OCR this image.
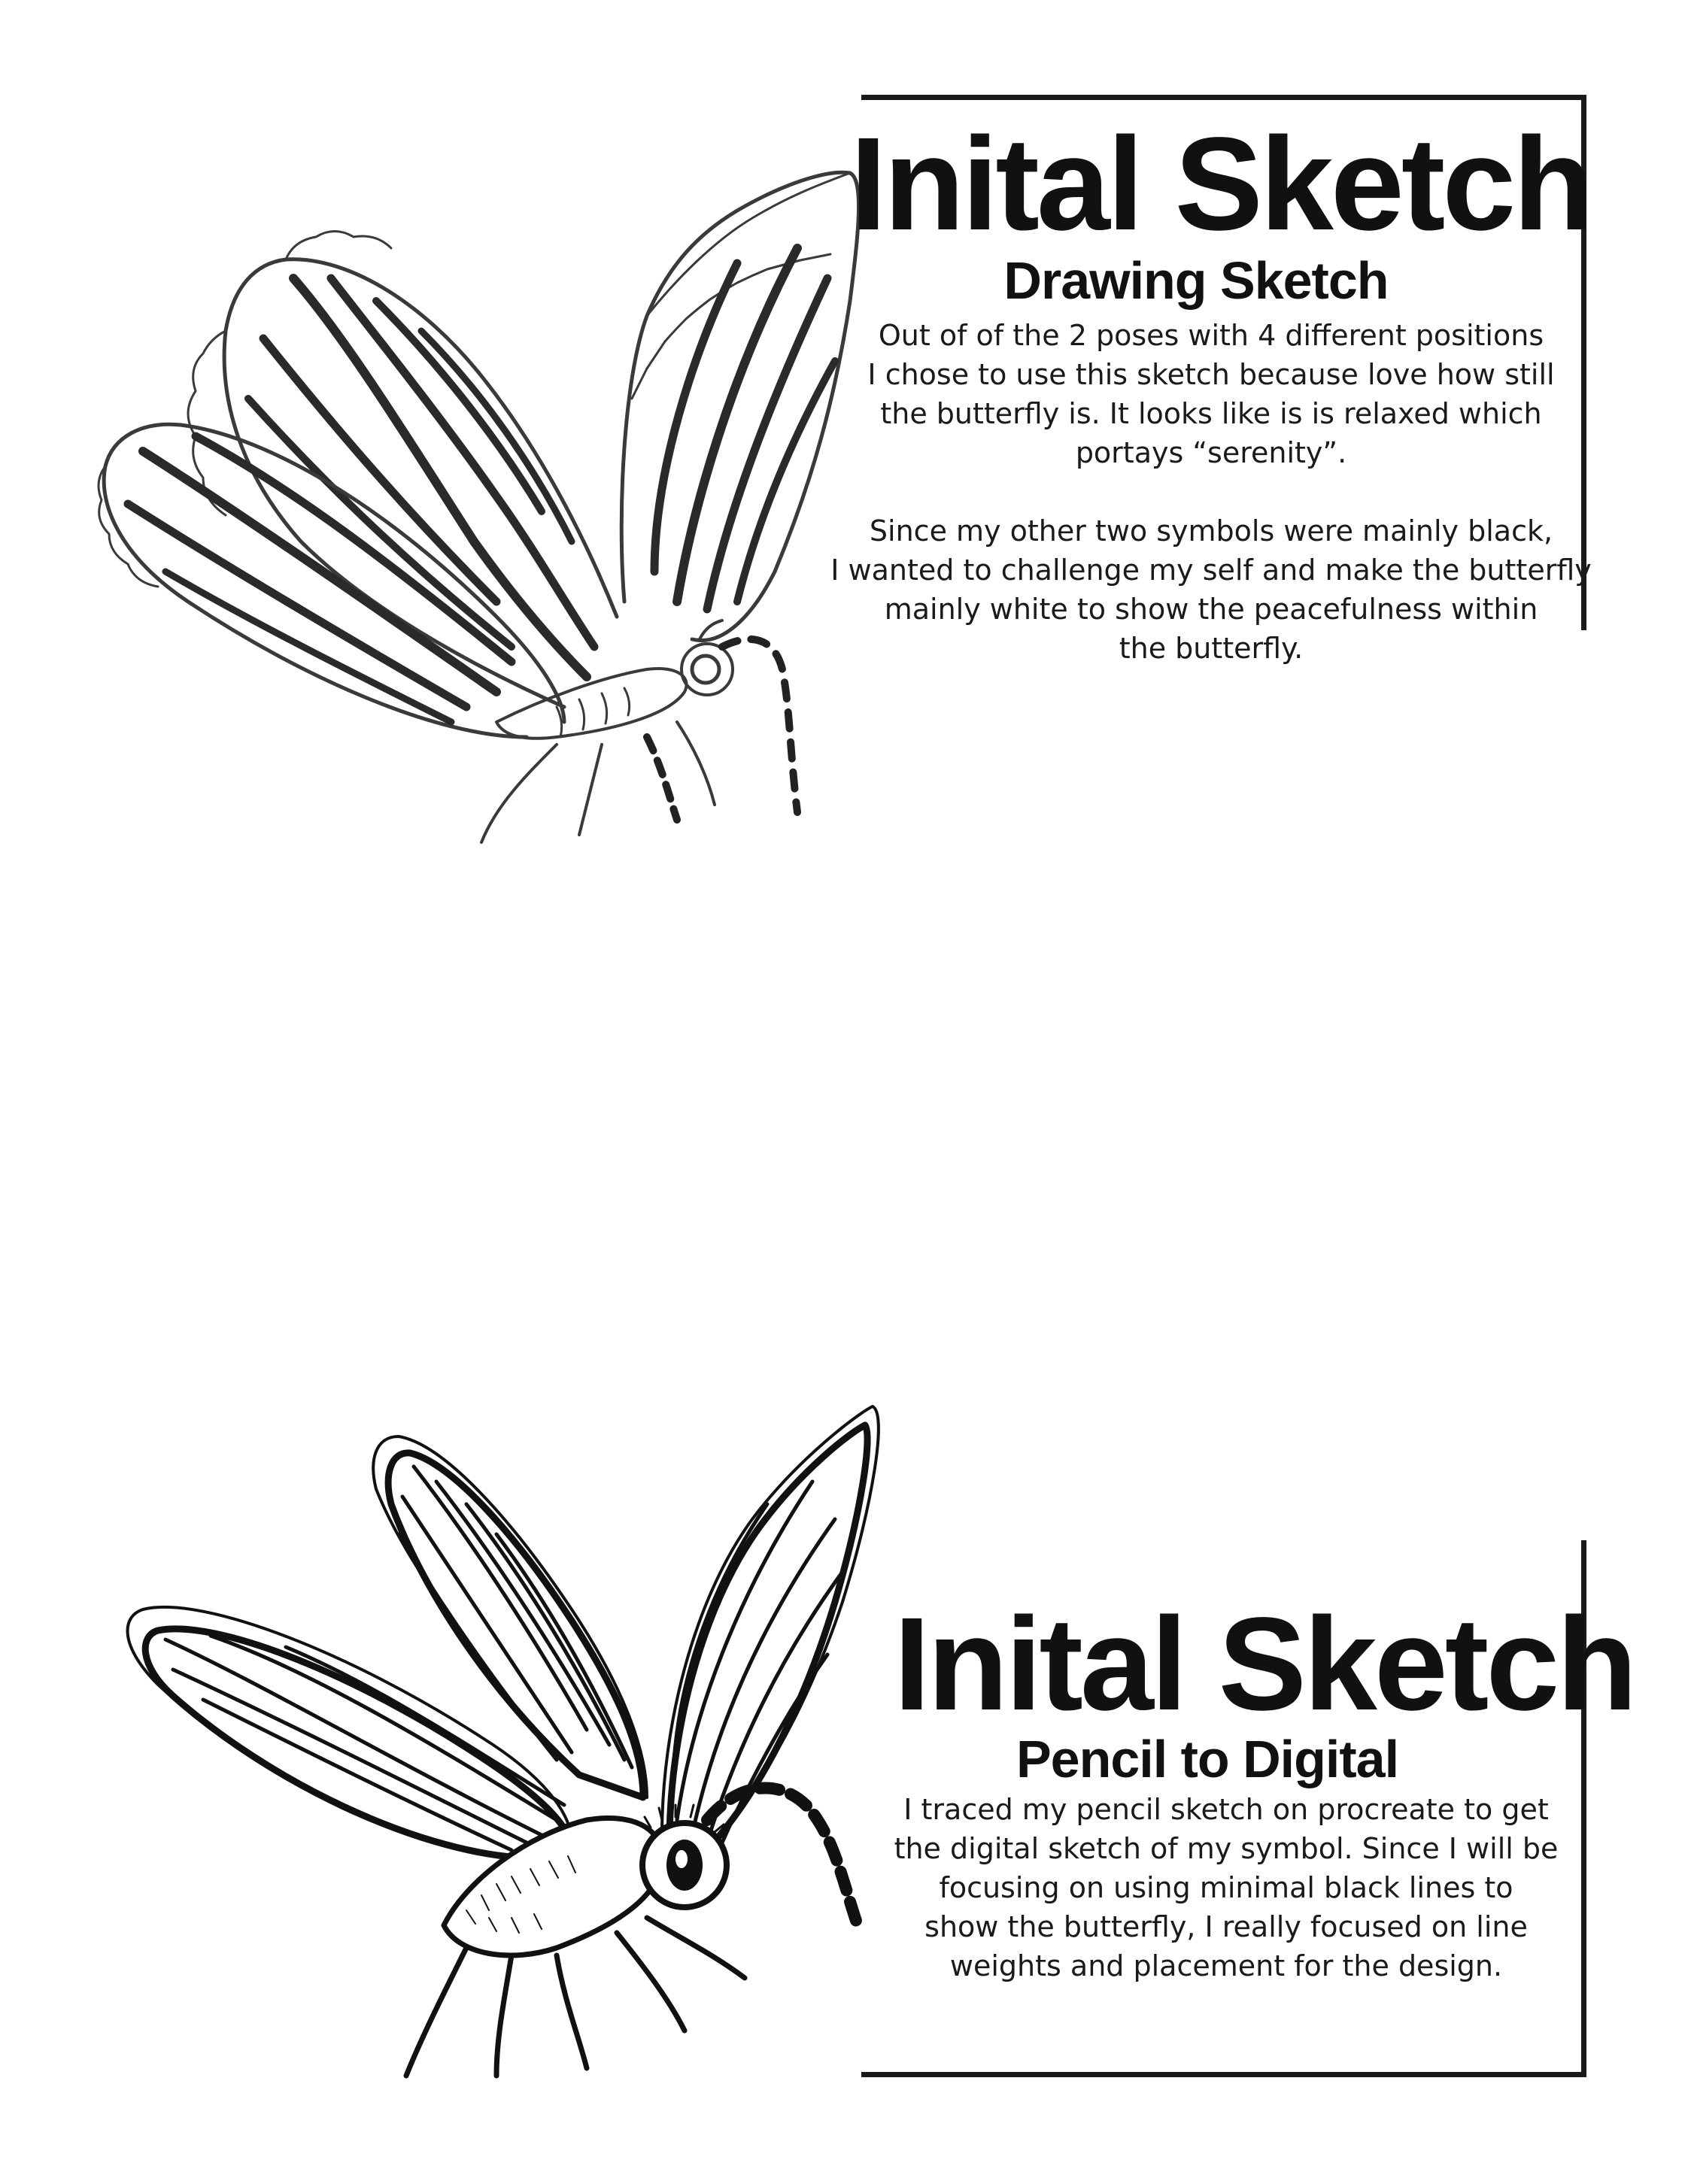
Inital Sketch
Drawing Sketch

Out of of the 2 poses with 4 different positions

I chose to use this sketch because love how still

the butterfly is. It looks like is is relaxed which

portays “serenity”.

Since my other two symbols were mainly black,

I wanted to challenge my self and make the butterfly

mainly white to show the peacefulness within

the butterfly.

Inital Sketch
Pencil to Digital

I traced my pencil sketch on procreate to get

the digital sketch of my symbol. Since I will be

focusing on using minimal black lines to

show the butterfly, I really focused on line

weights and placement for the design.
